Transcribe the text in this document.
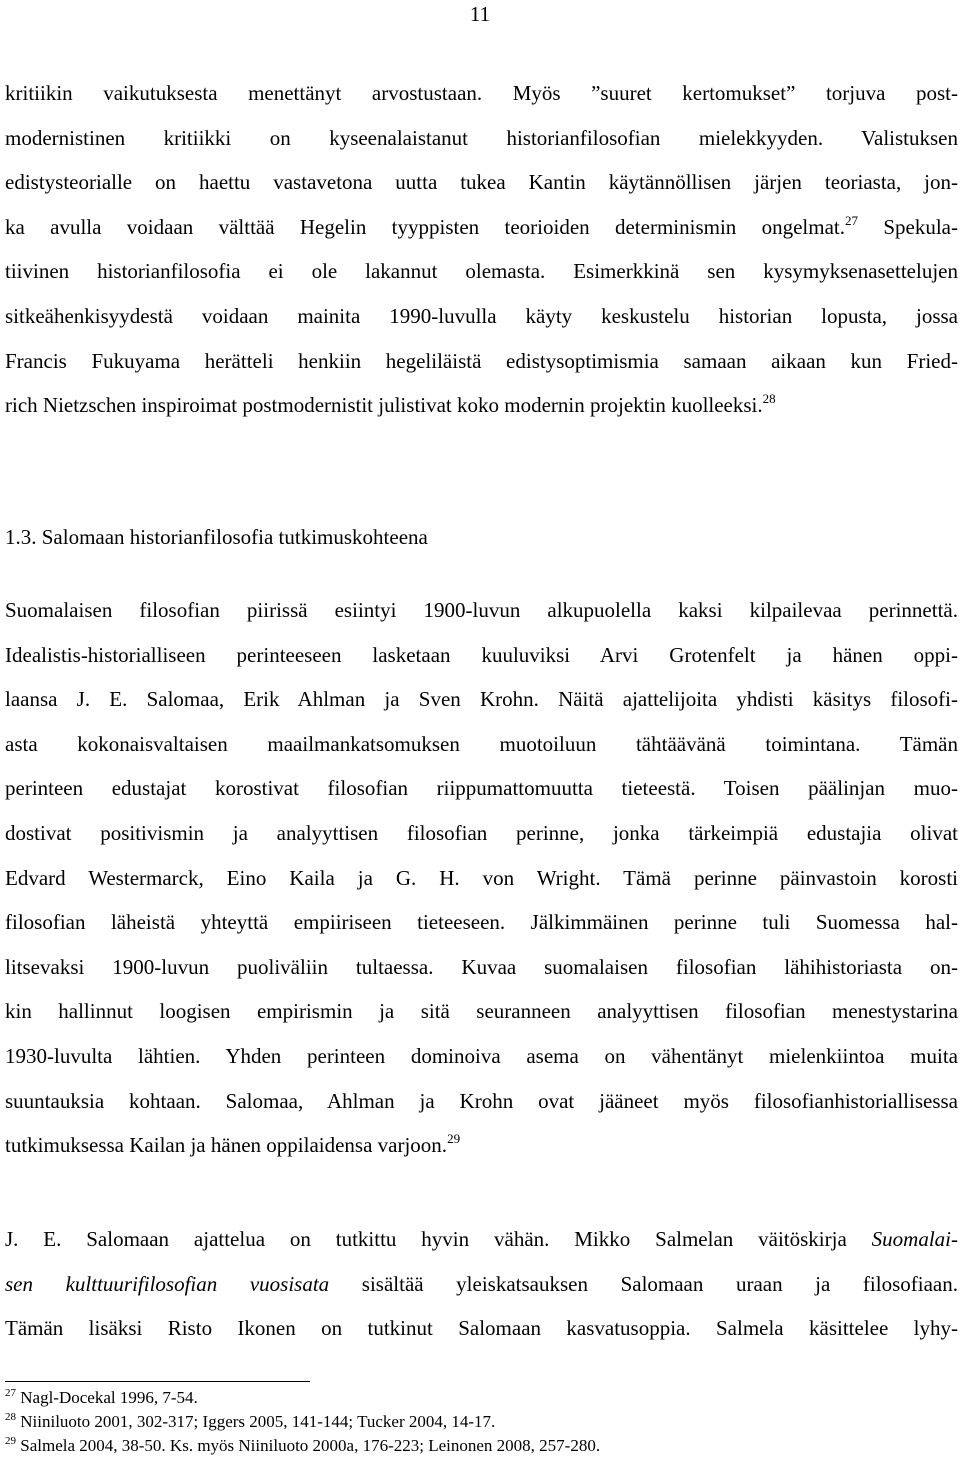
11
kritiikin vaikutuksesta menettänyt arvostustaan. Myös ”suuret kertomukset” torjuva post-
modernistinen kritiikki on kyseenalaistanut historianfilosofian mielekkyyden. Valistuksen
edistysteorialle on haettu vastavetona uutta tukea Kantin käytännöllisen järjen teoriasta, jon-
ka avulla voidaan välttää Hegelin tyyppisten teorioiden determinismin ongelmat.$^{27}$ Spekula-
tiivinen historianfilosofia ei ole lakannut olemasta. Esimerkkinä sen kysymyksenasettelujen
sitkeähenkisyydestä voidaan mainita 1990-luvulla käyty keskustelu historian lopusta, jossa
Francis Fukuyama herätteli henkiin hegeliläistä edistysoptimismia samaan aikaan kun Fried-
rich Nietzschen inspiroimat postmodernistit julistivat koko modernin projektin kuolleeksi.$^{28}$
1.3. Salomaan historianfilosofia tutkimuskohteena
Suomalaisen filosofian piirissä esiintyi 1900-luvun alkupuolella kaksi kilpailevaa perinnettä.
Idealistis-historialliseen perinteeseen lasketaan kuuluviksi Arvi Grotenfelt ja hänen oppi-
laansa J. E. Salomaa, Erik Ahlman ja Sven Krohn. Näitä ajattelijoita yhdisti käsitys filosofi-
asta kokonaisvaltaisen maailmankatsomuksen muotoiluun tähtäävänä toimintana. Tämän
perinteen edustajat korostivat filosofian riippumattomuutta tieteestä. Toisen päälinjan muo-
dostivat positivismin ja analyyttisen filosofian perinne, jonka tärkeimpiä edustajia olivat
Edvard Westermarck, Eino Kaila ja G. H. von Wright. Tämä perinne päinvastoin korosti
filosofian läheistä yhteyttä empiiriseen tieteeseen. Jälkimmäinen perinne tuli Suomessa hal-
litsevaksi 1900-luvun puoliväliin tultaessa. Kuvaa suomalaisen filosofian lähihistoriasta on-
kin hallinnut loogisen empirismin ja sitä seuranneen analyyttisen filosofian menestystarina
1930-luvulta lähtien. Yhden perinteen dominoiva asema on vähentänyt mielenkiintoa muita
suuntauksia kohtaan. Salomaa, Ahlman ja Krohn ovat jääneet myös filosofianhistoriallisessa
tutkimuksessa Kailan ja hänen oppilaidensa varjoon.$^{29}$
J. E. Salomaan ajattelua on tutkittu hyvin vähän. Mikko Salmelan väitöskirja Suomalai-
sen kulttuurifilosofian vuosisata sisältää yleiskatsauksen Salomaan uraan ja filosofiaan.
Tämän lisäksi Risto Ikonen on tutkinut Salomaan kasvatusoppia. Salmela käsittelee lyhy-
$^{27}$ Nagl-Docekal 1996, 7-54.
$^{28}$ Niiniluoto 2001, 302-317; Iggers 2005, 141-144; Tucker 2004, 14-17.
$^{29}$ Salmela 2004, 38-50. Ks. myös Niiniluoto 2000a, 176-223; Leinonen 2008, 257-280.
